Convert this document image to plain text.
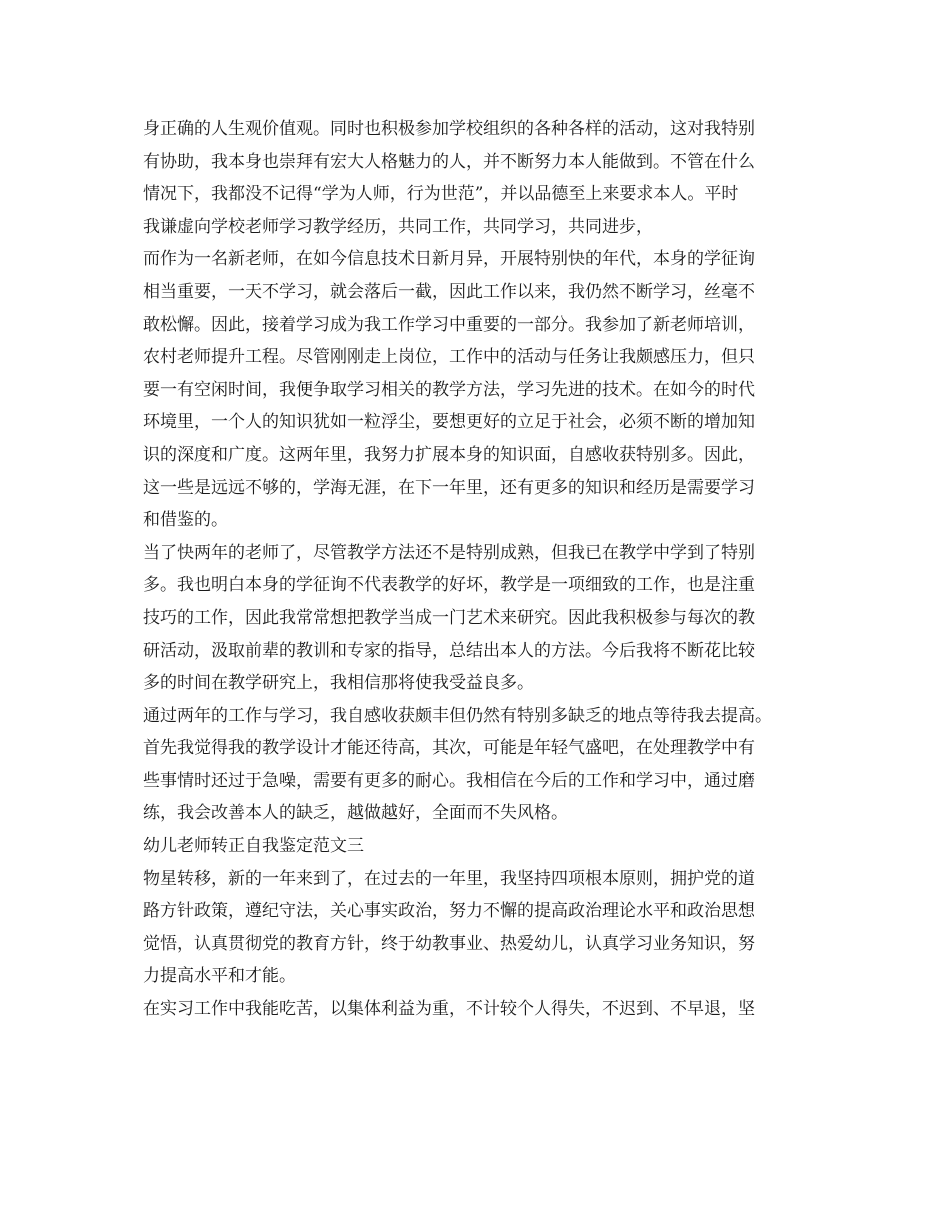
身正确的人生观价值观。同时也积极参加学校组织的各种各样的活动，这对我特别
有协助，我本身也崇拜有宏大人格魅力的人，并不断努力本人能做到。不管在什么
情况下，我都没不记得“学为人师，行为世范”，并以品德至上来要求本人。平时
我谦虚向学校老师学习教学经历，共同工作，共同学习，共同进步，

而作为一名新老师，在如今信息技术日新月异，开展特别快的年代，本身的学征询
相当重要，一天不学习，就会落后一截，因此工作以来，我仍然不断学习，丝毫不
敢松懈。因此，接着学习成为我工作学习中重要的一部分。我参加了新老师培训，
农村老师提升工程。尽管刚刚走上岗位，工作中的活动与任务让我颇感压力，但只
要一有空闲时间，我便争取学习相关的教学方法，学习先进的技术。在如今的时代
环境里，一个人的知识犹如一粒浮尘，要想更好的立足于社会，必须不断的增加知
识的深度和广度。这两年里，我努力扩展本身的知识面，自感收获特别多。因此，
这一些是远远不够的，学海无涯，在下一年里，还有更多的知识和经历是需要学习
和借鉴的。

当了快两年的老师了，尽管教学方法还不是特别成熟，但我已在教学中学到了特别
多。我也明白本身的学征询不代表教学的好坏，教学是一项细致的工作，也是注重
技巧的工作，因此我常常想把教学当成一门艺术来研究。因此我积极参与每次的教
研活动，汲取前辈的教训和专家的指导，总结出本人的方法。今后我将不断花比较
多的时间在教学研究上，我相信那将使我受益良多。

通过两年的工作与学习，我自感收获颇丰但仍然有特别多缺乏的地点等待我去提高。
首先我觉得我的教学设计才能还待高，其次，可能是年轻气盛吧，在处理教学中有
些事情时还过于急噪，需要有更多的耐心。我相信在今后的工作和学习中，通过磨
练，我会改善本人的缺乏，越做越好，全面而不失风格。

幼儿老师转正自我鉴定范文三

物星转移，新的一年来到了，在过去的一年里，我坚持四项根本原则，拥护党的道
路方针政策，遵纪守法，关心事实政治，努力不懈的提高政治理论水平和政治思想
觉悟，认真贯彻党的教育方针，终于幼教事业、热爱幼儿，认真学习业务知识，努
力提高水平和才能。

在实习工作中我能吃苦，以集体利益为重，不计较个人得失，不迟到、不早退，坚
